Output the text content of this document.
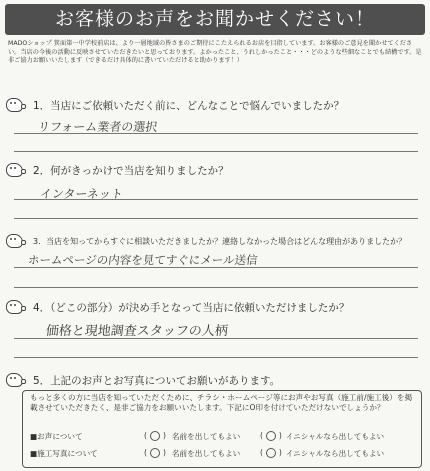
お客様のお声をお聞かせください！
MADOショップ 箕面第一中学校前店は、より一層地域の皆さまのご期待にこたえられるお店を目指しています。お客様のご意見を聞かせてください。当店の今後の活動に反映させていただきたいと思っております。よかったこと、うれしかったこと・・・どのような些細なことでも結構です。是非ご協力お願いいたします（できるだけ具体的に書いていただけると助かります！）
1．当店にご依頼いただく前に、どんなことで悩んでいましたか？
リフォーム業者の選択
2．何がきっかけで当店を知りましたか？
インターネット
3．当店を知ってからすぐに相談いただきましたか？連絡しなかった場合はどんな理由がありましたか？
ホームページの内容を見てすぐにメール送信
4．（どこの部分）が決め手となって当店に依頼いただけましたか？
価格と現地調査スタッフの人柄
5．上記のお声とお写真についてお願いがあります。
もっと多くの方に当店を知っていただくために、チラシ・ホームページ等にお声やお写真（施工前/施工後）を掲載させていただきたく、是非ご協力をお願いいたします。下記にO印を付けていただけないでしょうか？
■お声について	( ) 名前を出してもよい	( ) イニシャルなら出してもよい
■施工写真について	( ) 名前を出してもよい	( ) イニシャルなら出してもよい
